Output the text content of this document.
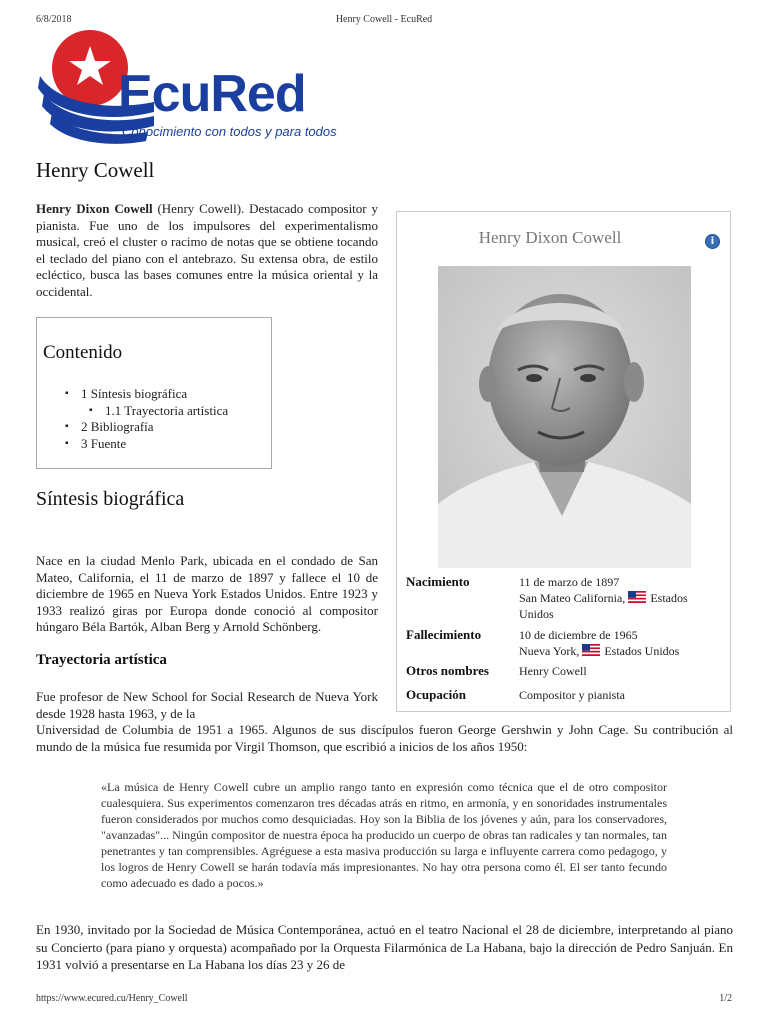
6/8/2018	Henry Cowell - EcuRed
EcuRed
Conocimiento con todos y para todos
Henry Cowell

Henry Dixon Cowell (Henry Cowell). Destacado compositor y pianista. Fue uno de los impulsores del experimentalismo musical, creó el cluster o racimo de notas que se obtiene tocando el teclado del piano con el antebrazo. Su extensa obra, de estilo ecléctico, busca las bases comunes entre la música oriental y la occidental.

Contenido
▪ 1 Síntesis biográfica
▪ 1.1 Trayectoria artística
▪ 2 Bibliografía
▪ 3 Fuente
Síntesis biográfica

Nace en la ciudad Menlo Park, ubicada en el condado de San Mateo, California, el 11 de marzo de 1897 y fallece el 10 de diciembre de 1965 en Nueva York Estados Unidos. Entre 1923 y 1933 realizó giras por Europa donde conoció al compositor húngaro Béla Bartók, Alban Berg y Arnold Schönberg.

Trayectoria artística

Fue profesor de New School for Social Research de Nueva York desde 1928 hasta 1963, y de la

Universidad de Columbia de 1951 a 1965. Algunos de sus discípulos fueron George Gershwin y John Cage. Su contribución al mundo de la música fue resumida por Virgil Thomson, que escribió a inicios de los años 1950:

«La música de Henry Cowell cubre un amplio rango tanto en expresión como técnica que el de otro compositor cualesquiera. Sus experimentos comenzaron tres décadas atrás en ritmo, en armonía, y en sonoridades instrumentales fueron considerados por muchos como desquiciadas. Hoy son la Biblia de los jóvenes y aún, para los conservadores, "avanzadas"... Ningún compositor de nuestra época ha producido un cuerpo de obras tan radicales y tan normales, tan penetrantes y tan comprensibles. Agréguese a esta masiva producción su larga e influyente carrera como pedagogo, y los logros de Henry Cowell se harán todavía más impresionantes. No hay otra persona como él. El ser tanto fecundo como adecuado es dado a pocos.»

En 1930, invitado por la Sociedad de Música Contemporánea, actuó en el teatro Nacional el 28 de diciembre, interpretando al piano su Concierto (para piano y orquesta) acompañado por la Orquesta Filarmónica de La Habana, bajo la dirección de Pedro Sanjuán. En 1931 volvió a presentarse en La Habana los días 23 y 26 de

Henry Dixon Cowell	i
Nacimiento	11 de marzo de 1897
San Mateo California, Estados Unidos
Fallecimiento	10 de diciembre de 1965
Nueva York, Estados Unidos
Otros nombres	Henry Cowell
Ocupación	Compositor y pianista
https://www.ecured.cu/Henry_Cowell	1/2
